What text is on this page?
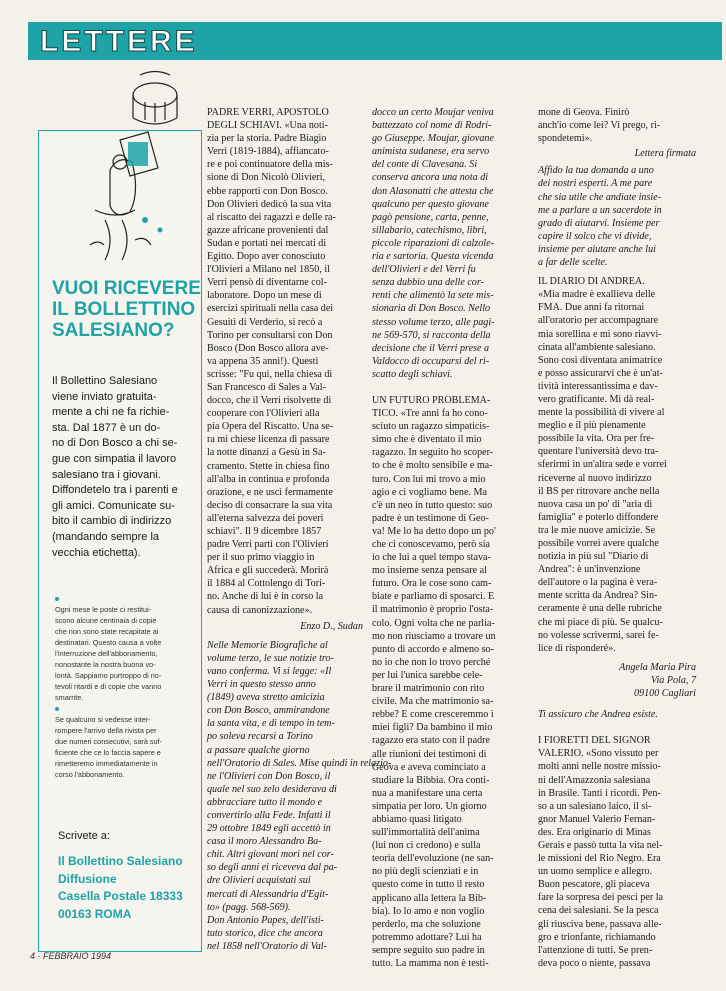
LETTERE
VUOI RICEVERE
IL BOLLETTINO
SALESIANO?
Il Bollettino Salesiano
viene inviato gratuita-
mente a chi ne fa richie-
sta. Dal 1877 è un do-
no di Don Bosco a chi se-
gue con simpatia il lavoro
salesiano tra i giovani.
Diffondetelo tra i parenti e
gli amici. Comunicate su-
bito il cambio di indirizzo
(mandando sempre la
vecchia etichetta).
Ogni mese le poste ci restitui-
scono alcune centinaia di copie
che non sono state recapitate ai
destinatari. Questo causa a volte
l'interruzione dell'abbonamento,
nonostante la nostra buona vo-
lontà. Sappiamo purtroppo di no-
tevoli ritardi e di copie che vanno
smarrite.
Se qualcuno si vedesse inter-
rompere l'arrivo della rivista per
due numeri consecutivi, sarà suf-
ficiente che ce lo faccia sapere e
rimetteremo immediatamente in
corso l'abbonamento.
Scrivete a:
Il Bollettino Salesiano
Diffusione
Casella Postale 18333
00163 ROMA
PADRE VERRI, APOSTOLO
DEGLI SCHIAVI. «Una noti-
zia per la storia. Padre Biagio
Verri (1819-1884), affiancato-
re e poi continuatore della mis-
sione di Don Nicolò Olivieri,
ebbe rapporti con Don Bosco.
Don Olivieri dedicò la sua vita
al riscatto dei ragazzi e delle ra-
gazze africane provenienti dal
Sudan e portati nei mercati di
Egitto. Dopo aver conosciuto
l'Olivieri a Milano nel 1850, il
Verri pensò di diventarne col-
laboratore. Dopo un mese di
esercizi spirituali nella casa dei
Gesuiti di Verderio, si recò a
Torino per consultarsi con Don
Bosco (Don Bosco allora ave-
va appena 35 anni!). Questi
scrisse: "Fu qui, nella chiesa di
San Francesco di Sales a Val-
docco, che il Verri risolvette di
cooperare con l'Olivieri alla
pia Opera del Riscatto. Una se-
ra mi chiese licenza di passare
la notte dinanzi a Gesù in Sa-
cramento. Stette in chiesa fino
all'alba in continua e profonda
orazione, e ne uscì fermamente
deciso di consacrare la sua vita
all'eterna salvezza dei poveri
schiavi". Il 9 dicembre 1857
padre Verri partì con l'Olivieri
per il suo primo viaggio in
Africa e gli succederà. Morirà
il 1884 al Cottolengo di Tori-
no. Anche di lui è in corso la
causa di canonizzazione».
Enzo D., Sudan
Nelle Memorie Biografiche al
volume terzo, le sue notizie tro-
vano conferma. Vi si legge: «Il
Verri in questo stesso anno
(1849) aveva stretto amicizia
con Don Bosco, ammirandone
la santa vita, e di tempo in tem-
po soleva recarsi a Torino
a passare qualche giorno
nell'Oratorio di Sales. Mise quindi in relazio-
ne l'Olivieri con Don Bosco, il
quale nel suo zelo desiderava di
abbracciare tutto il mondo e
convertirlo alla Fede. Infatti il
29 ottobre 1849 egli accettò in
casa il moro Alessandro Ba-
chit. Altri giovani mori nel cor-
so degli anni ei riceveva dal pa-
dre Olivieri acquistati sui
mercati di Alessandria d'Egit-
to» (pagg. 568-569).
Don Antonio Papes, dell'isti-
tuto storico, dice che ancora
nel 1858 nell'Oratorio di Val-
docco un certo Moujar veniva
battezzato col nome di Rodri-
go Giuseppe. Moujar, giovane
animista sudanese, era servo
del conte di Clavesana. Si
conserva ancora una nota di
don Alasonatti che attesta che
qualcuno per questo giovane
pagò pensione, carta, penne,
sillabario, catechismo, libri,
piccole riparazioni di calzole-
ria e sartoria. Questa vicenda
dell'Olivieri e del Verri fu
senza dubbio una delle cor-
renti che alimentò la sete mis-
sionaria di Don Bosco. Nello
stesso volume terzo, alle pagi-
ne 569-570, si racconta della
decisione che il Verri prese a
Valdocco di occuparsi del ri-
scatto degli schiavi.
UN FUTURO PROBLEMA-
TICO. «Tre anni fa ho cono-
sciuto un ragazzo simpaticis-
simo che è diventato il mio
ragazzo. In seguito ho scoper-
to che è molto sensibile e ma-
turo. Con lui mi trovo a mio
agio e ci vogliamo bene. Ma
c'è un neo in tutto questo: suo
padre è un testimone di Geo-
va! Me lo ha detto dopo un po'
che ci conoscevamo, però sia
io che lui a quel tempo stava-
mo insieme senza pensare al
futuro. Ora le cose sono cam-
biate e parliamo di sposarci. E
il matrimonio è proprio l'osta-
colo. Ogni volta che ne parlia-
mo non riusciamo a trovare un
punto di accordo e almeno so-
no io che non lo trovo perché
per lui l'unica sarebbe cele-
brare il matrimonio con rito
civile. Ma che matrimonio sa-
rebbe? E come cresceremmo i
miei figli? Da bambino il mio
ragazzo era stato con il padre
alle riunioni dei testimoni di
Geova e aveva cominciato a
studiare la Bibbia. Ora conti-
nua a manifestare una certa
simpatia per loro. Un giorno
abbiamo quasi litigato
sull'immortalità dell'anima
(lui non ci credono) e sulla
teoria dell'evoluzione (ne san-
no più degli scienziati e in
questo come in tutto il resto
applicano alla lettera la Bib-
bia). Io lo amo e non voglio
perderlo, ma che soluzione
potremmo adottare? Lui ha
sempre seguito suo padre in
tutto. La mamma non è testi-
mone di Geova. Finirò
anch'io come lei? Vi prego, ri-
spondetemi».
Lettera firmata
Affido la tua domanda a uno
dei nostri esperti. A me pare
che sia utile che andiate insie-
me a parlare a un sacerdote in
grado di aiutarvi. Insieme per
capire il solco che vi divide,
insieme per aiutare anche lui
a far delle scelte.
IL DIARIO DI ANDREA.
«Mia madre è exallieva delle
FMA. Due anni fa ritornai
all'oratorio per accompagnare
mia sorellina e mi sono riavvi-
cinata all'ambiente salesiano.
Sono così diventata animatrice
e posso assicurarvi che è un'at-
tività interessantissima e dav-
vero gratificante. Mi dà real-
mente la possibilità di vivere al
meglio e il più pienamente
possibile la vita. Ora per fre-
quentare l'università devo tra-
sferirmi in un'altra sede e vorrei
riceverne al nuovo indirizzo
il BS per ritrovare anche nella
nuova casa un po' di "aria di
famiglia" e poterlo diffondere
tra le mie nuove amicizie. Se
possibile vorrei avere qualche
notizia in più sul "Diario di
Andrea": è un'invenzione
dell'autore o la pagina è vera-
mente scritta da Andrea? Sin-
ceramente è una delle rubriche
che mi piace di più. Se qualcu-
no volesse scrivermi, sarei fe-
lice di risponderé».
Angela Maria Pira
Via Pola, 7
09100 Cagliari
Ti assicuro che Andrea esiste.
I FIORETTI DEL SIGNOR
VALERIO. «Sono vissuto per
molti anni nelle nostre missio-
ni dell'Amazzonia salesiana
in Brasile. Tanti i ricordi. Pen-
so a un salesiano laico, il si-
gnor Manuel Valerio Fernan-
des. Era originario di Minas
Gerais e passò tutta la vita nel-
le missioni del Rio Negro. Era
un uomo semplice e allegro.
Buon pescatore, gli piaceva
fare la sorpresa dei pesci per la
cena dei salesiani. Se la pesca
gli riusciva bene, passava alle-
gro e trionfante, richiamando
l'attenzione di tutti. Se pren-
deva poco o niente, passava
4 · FEBBRAIO 1994
